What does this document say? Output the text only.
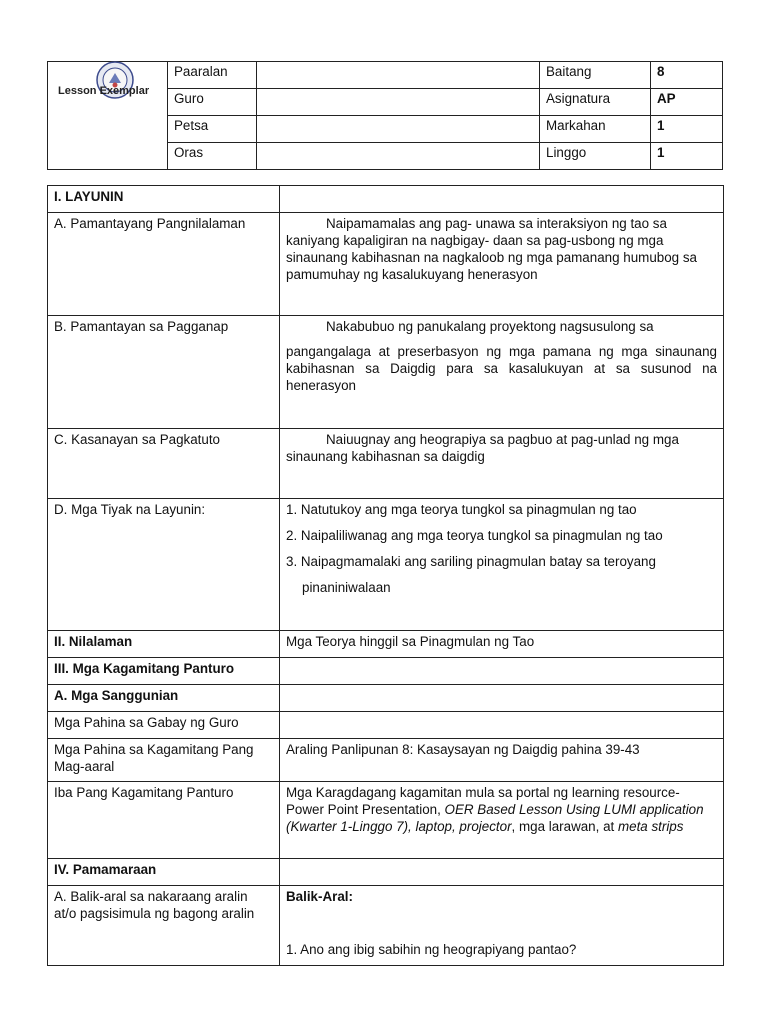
Lesson Exemplar	Paaralan		Baitang	8
	Guro		Asignatura	AP
	Petsa		Markahan	1
	Oras		Linggo	1
I. LAYUNIN	
A. Pamantayang Pangnilalaman	Naipamamalas ang pag- unawa sa interaksiyon ng tao sa kaniyang kapaligiran na nagbigay- daan sa pag-usbong ng mga sinaunang kabihasnan na nagkaloob ng mga pamanang humubog sa pamumuhay ng kasalukuyang henerasyon

B. Pamantayan sa Pagganap	Nakabubuo ng panukalang proyektong nagsusulong sa

pangangalaga at preserbasyon ng mga pamana ng mga sinaunang kabihasnan sa Daigdig para sa kasalukuyan at sa susunod na henerasyon

C. Kasanayan sa Pagkatuto	Naiuugnay ang heograpiya sa pagbuo at pag-unlad ng mga sinaunang kabihasnan sa daigdig

D. Mga Tiyak na Layunin:	1. Natutukoy ang mga teorya tungkol sa pinagmulan ng tao

2. Naipaliliwanag ang mga teorya tungkol sa pinagmulan ng tao

3. Naipagmamalaki ang sariling pinagmulan batay sa teroyang

pinaniniwalaan

II. Nilalaman	Mga Teorya hinggil sa Pinagmulan ng Tao
III. Mga Kagamitang Panturo	
A. Mga Sanggunian	
Mga Pahina sa Gabay ng Guro	
Mga Pahina sa Kagamitang Pang Mag-aaral	Araling Panlipunan 8: Kasaysayan ng Daigdig pahina 39-43
Iba Pang Kagamitang Panturo	Mga Karagdagang kagamitan mula sa portal ng learning resource- Power Point Presentation, OER Based Lesson Using LUMI application (Kwarter 1-Linggo 7), laptop, projector, mga larawan, at meta strips
IV. Pamamaraan	
A. Balik-aral sa nakaraang aralin at/o pagsisimula ng bagong aralin	Balik-Aral:

1. Ano ang ibig sabihin ng heograpiyang pantao?
